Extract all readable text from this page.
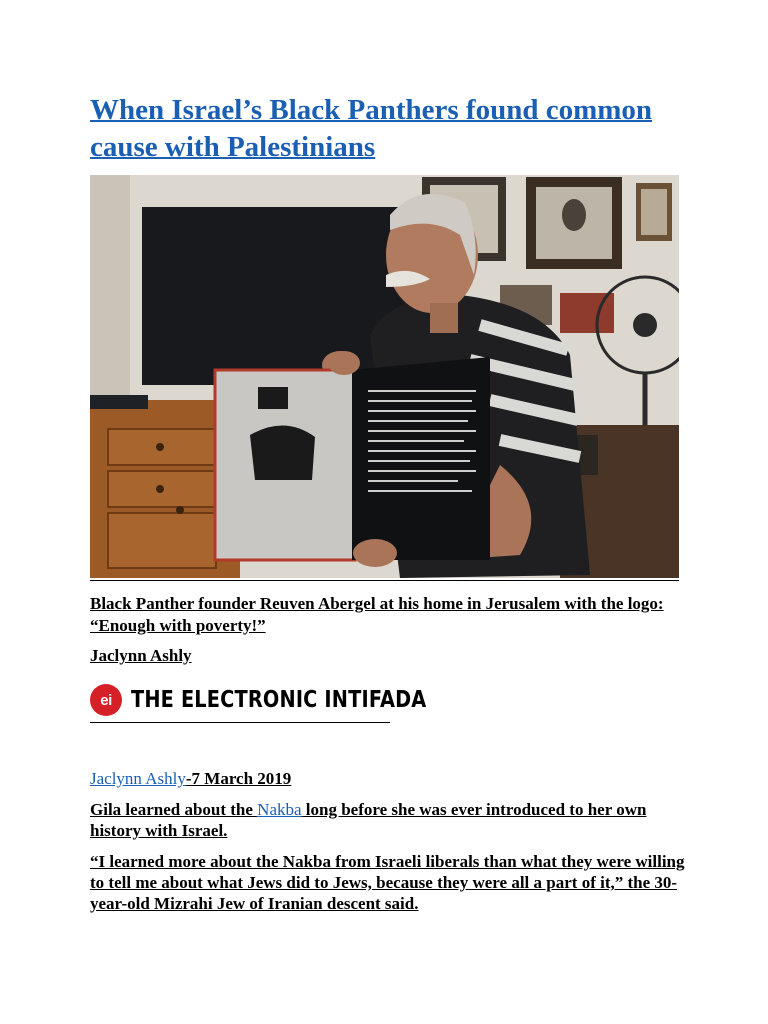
When Israel’s Black Panthers found common cause with Palestinians

Black Panther founder Reuven Abergel at his home in Jerusalem with the logo: “Enough with poverty!”

Jaclynn Ashly

ei THE ELECTRONIC INTIFADA

Jaclynn Ashly-7 March 2019

Gila learned about the Nakba long before she was ever introduced to her own history with Israel.

“I learned more about the Nakba from Israeli liberals than what they were willing to tell me about what Jews did to Jews, because they were all a part of it,” the 30-year-old Mizrahi Jew of Iranian descent said.
